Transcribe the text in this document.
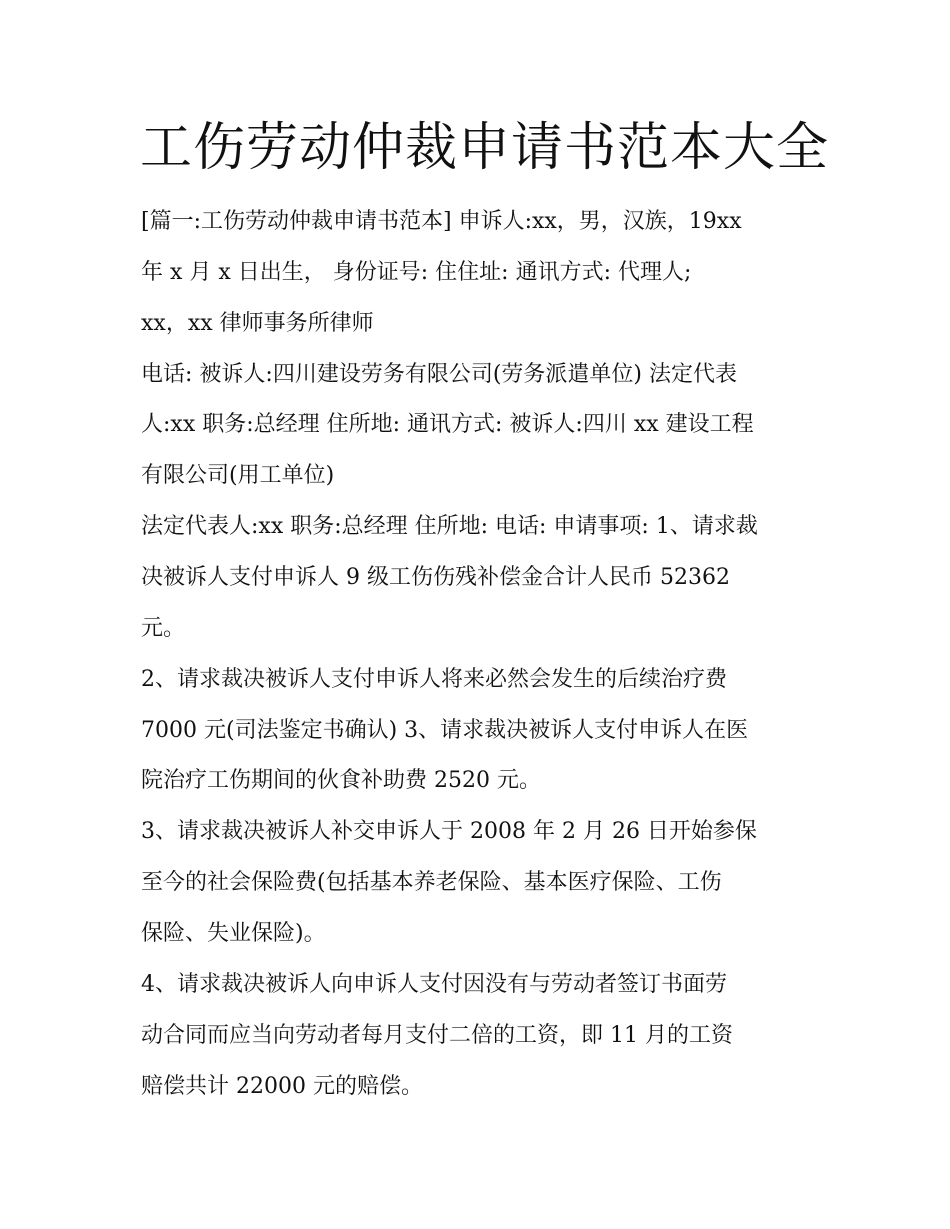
工伤劳动仲裁申请书范本大全

[篇一:工伤劳动仲裁申请书范本] 申诉人:xx，男，汉族，19xx

年 x 月 x 日出生， 身份证号: 住住址: 通讯方式: 代理人;

xx，xx 律师事务所律师

电话: 被诉人:四川建设劳务有限公司(劳务派遣单位) 法定代表

人:xx 职务:总经理 住所地: 通讯方式: 被诉人:四川 xx 建设工程

有限公司(用工单位)

法定代表人:xx 职务:总经理 住所地: 电话: 申请事项: 1、请求裁

决被诉人支付申诉人 9 级工伤伤残补偿金合计人民币 52362

元。

2、请求裁决被诉人支付申诉人将来必然会发生的后续治疗费

7000 元(司法鉴定书确认) 3、请求裁决被诉人支付申诉人在医

院治疗工伤期间的伙食补助费 2520 元。

3、请求裁决被诉人补交申诉人于 2008 年 2 月 26 日开始参保

至今的社会保险费(包括基本养老保险、基本医疗保险、工伤

保险、失业保险)。

4、请求裁决被诉人向申诉人支付因没有与劳动者签订书面劳

动合同而应当向劳动者每月支付二倍的工资，即 11 月的工资

赔偿共计 22000 元的赔偿。
